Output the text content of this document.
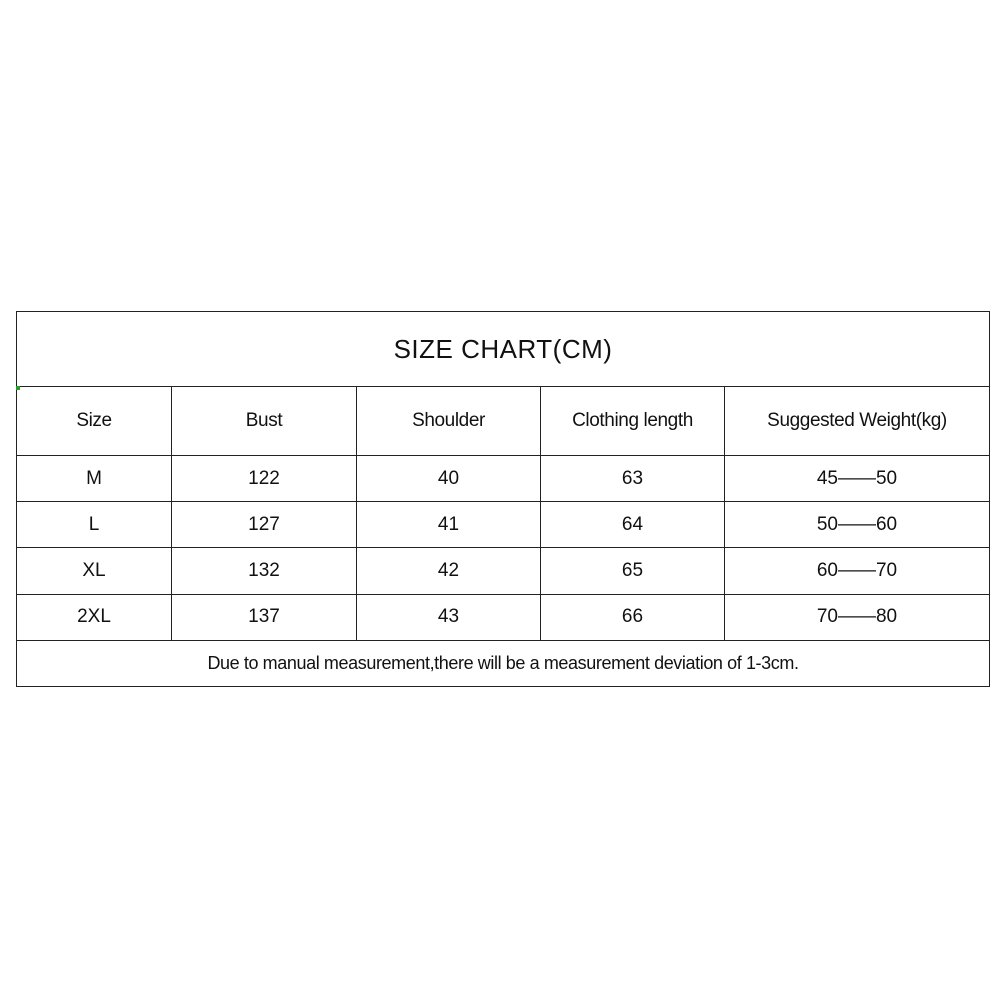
SIZE CHART(CM)				
Size	Bust	Shoulder	Clothing length	Suggested Weight(kg)
M	122	40	63	45——50
L	127	41	64	50——60
XL	132	42	65	60——70
2XL	137	43	66	70——80
Due to manual measurement,there will be a measurement deviation of 1-3cm.				
